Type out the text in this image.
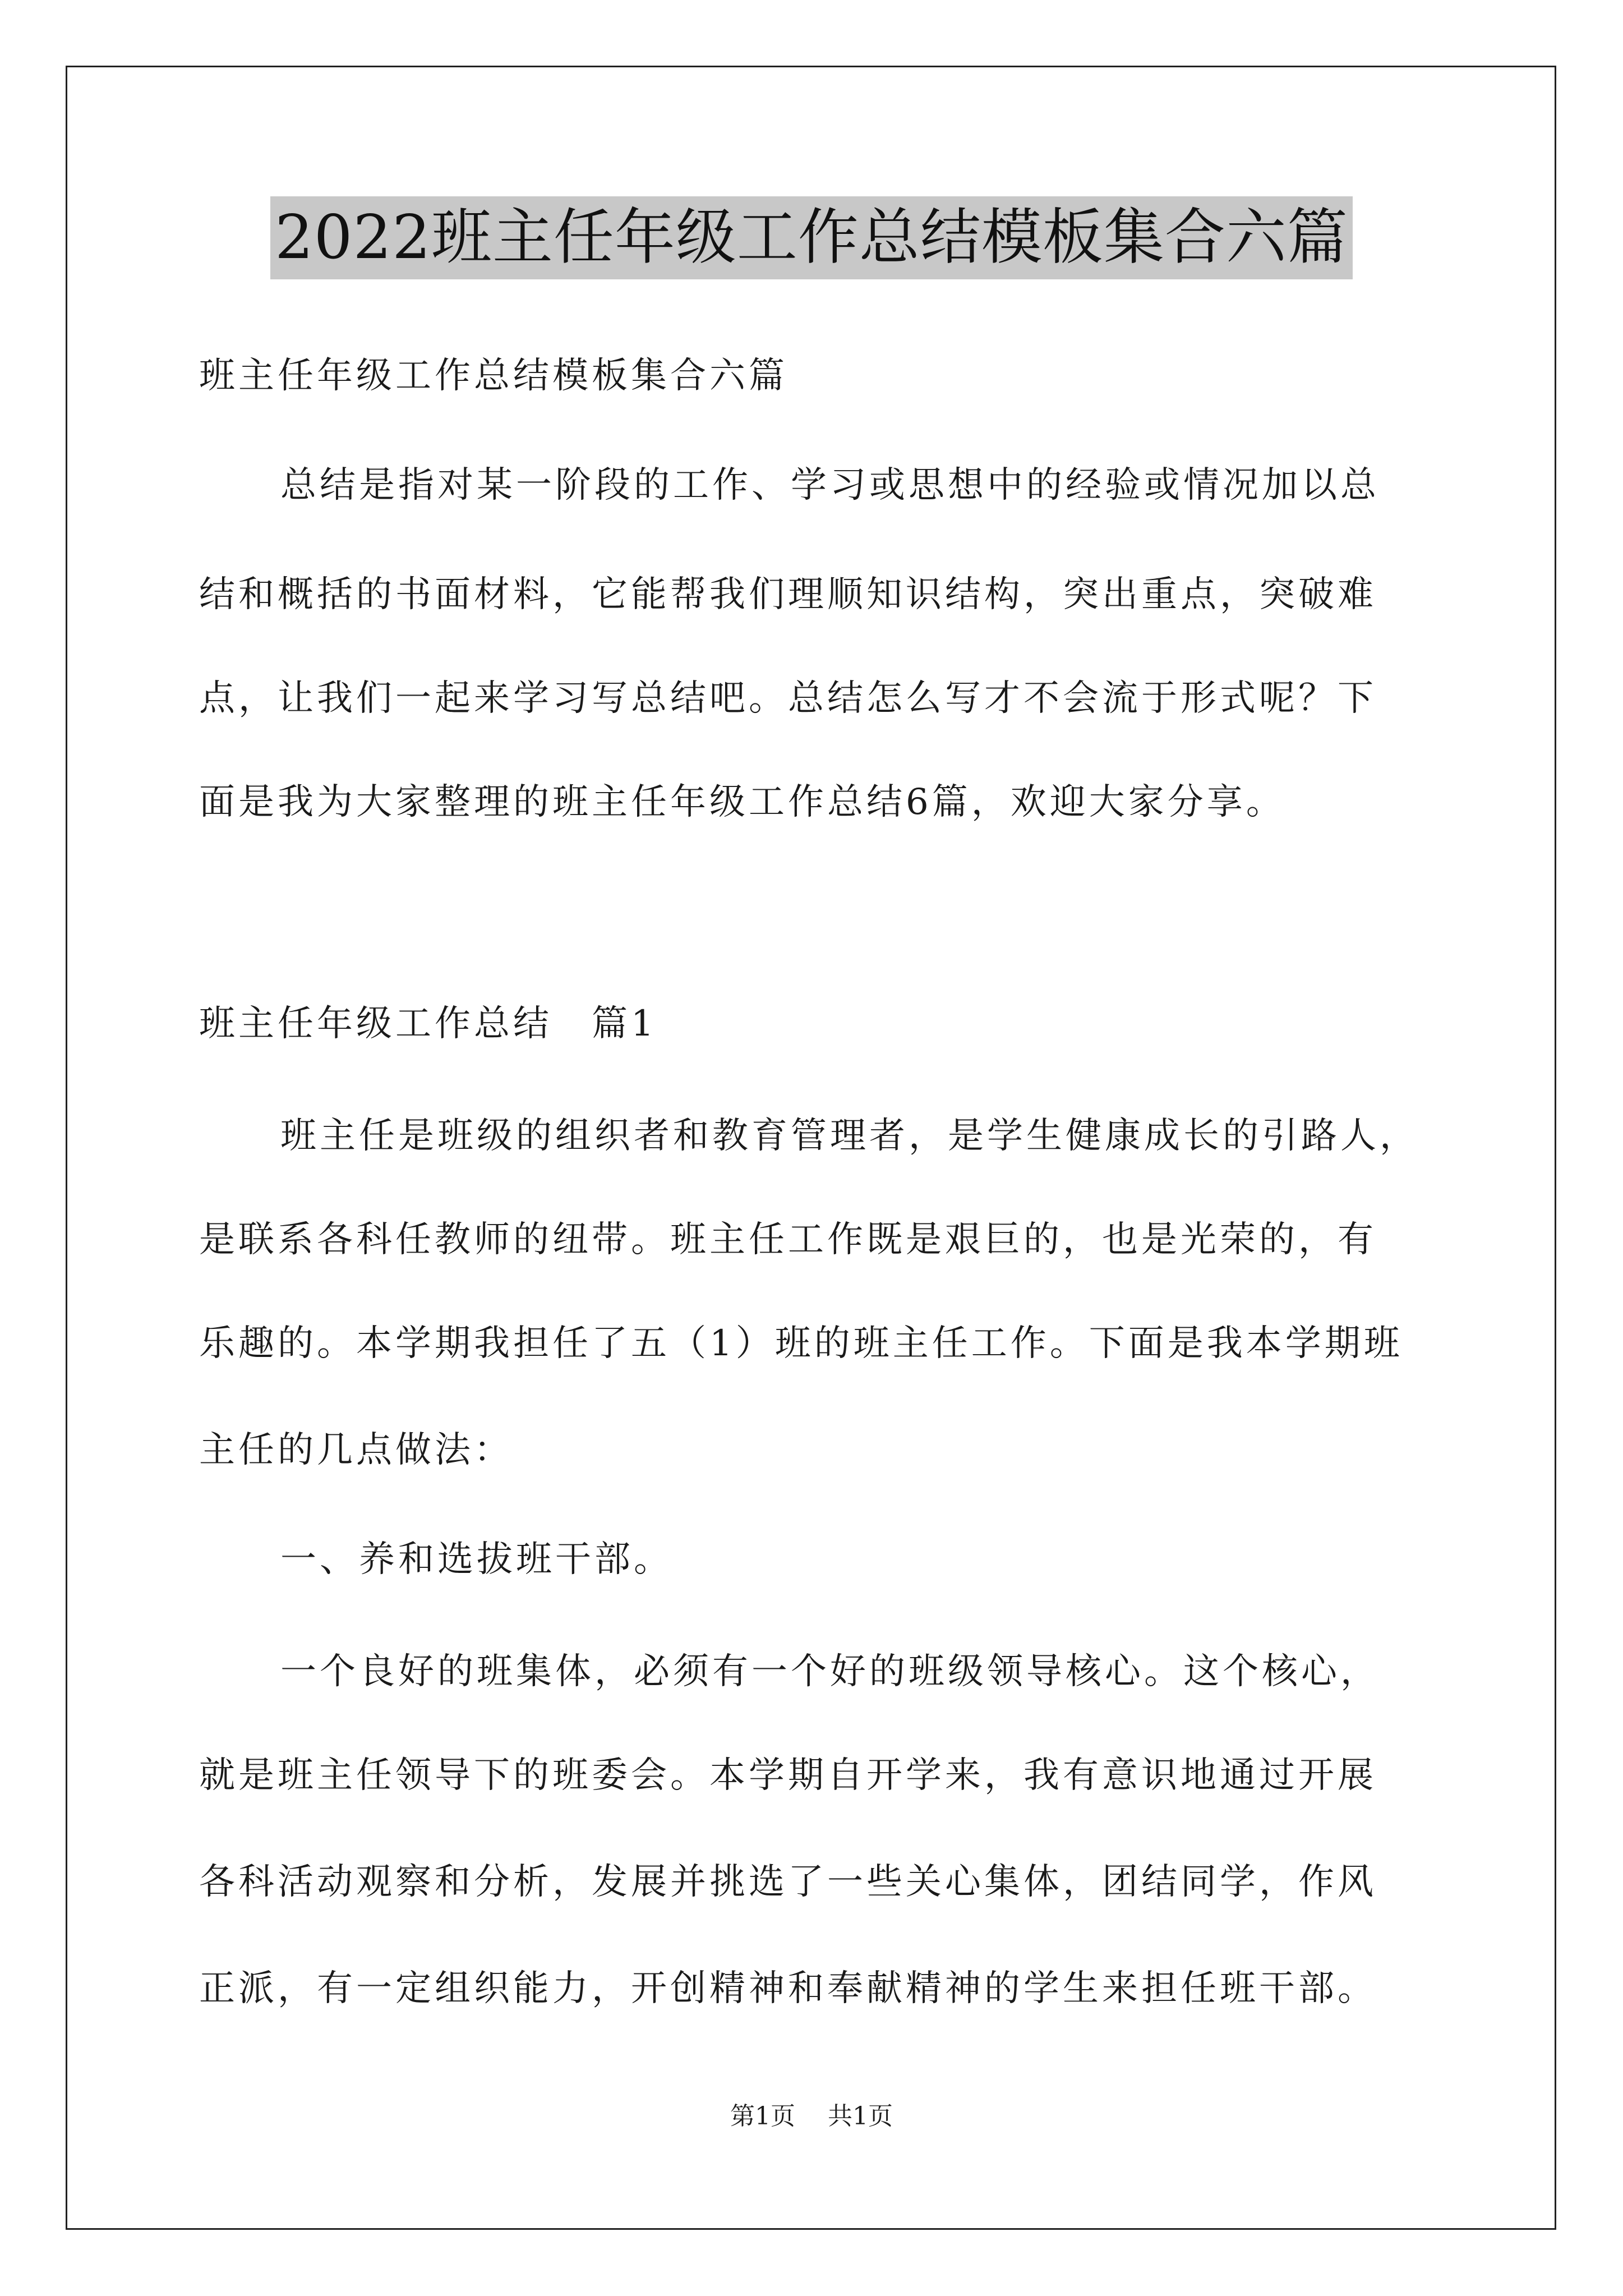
2022班主任年级工作总结模板集合六篇
班主任年级工作总结模板集合六篇
总结是指对某一阶段的工作、学习或思想中的经验或情况加以总
结和概括的书面材料，它能帮我们理顺知识结构，突出重点，突破难
点，让我们一起来学习写总结吧。总结怎么写才不会流于形式呢？下
面是我为大家整理的班主任年级工作总结6篇，欢迎大家分享。
班主任年级工作总结　篇1
班主任是班级的组织者和教育管理者，是学生健康成长的引路人，
是联系各科任教师的纽带。班主任工作既是艰巨的，也是光荣的，有
乐趣的。本学期我担任了五（1）班的班主任工作。下面是我本学期班
主任的几点做法：
一、养和选拔班干部。
一个良好的班集体，必须有一个好的班级领导核心。这个核心，
就是班主任领导下的班委会。本学期自开学来，我有意识地通过开展
各科活动观察和分析，发展并挑选了一些关心集体，团结同学，作风
正派，有一定组织能力，开创精神和奉献精神的学生来担任班干部。
第1页 共1页
